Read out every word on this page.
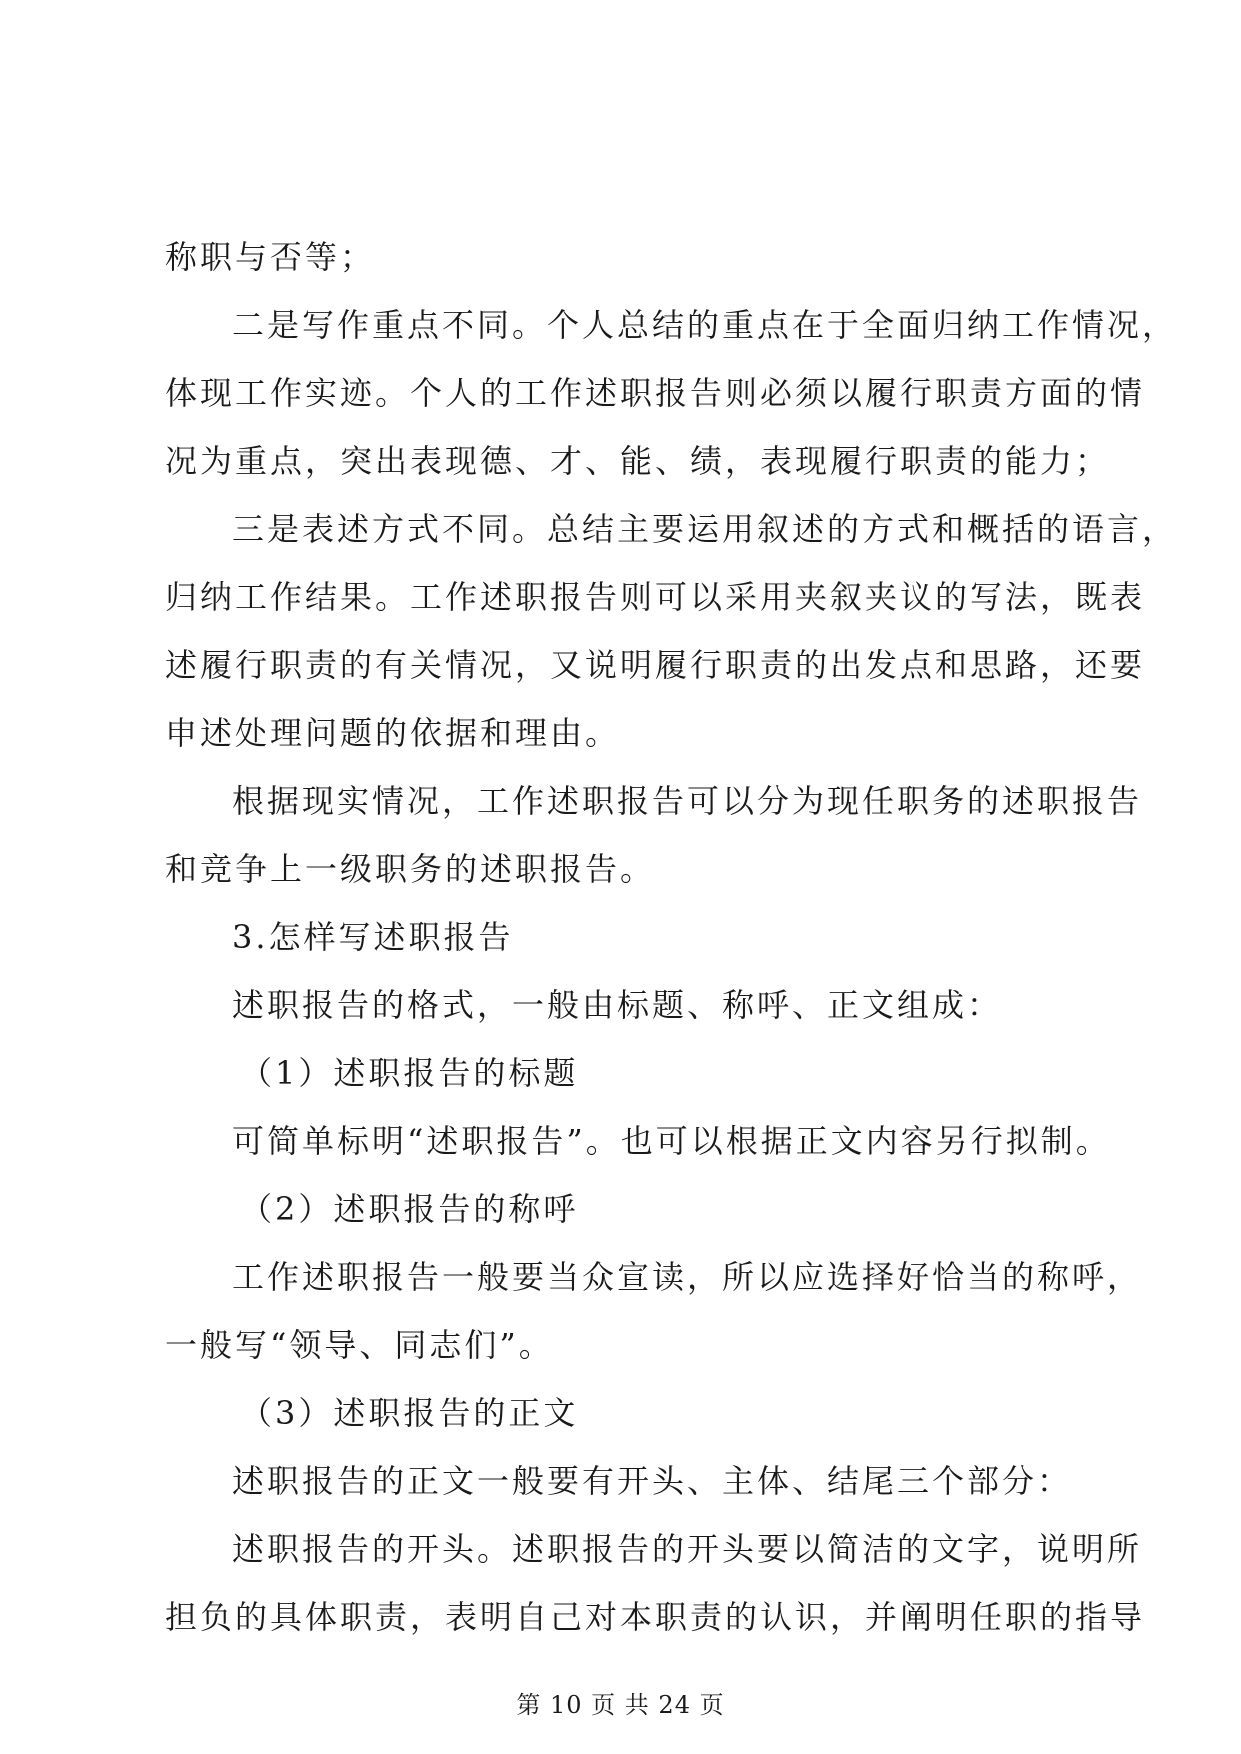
称职与否等；
二是写作重点不同。个人总结的重点在于全面归纳工作情况，
体现工作实迹。个人的工作述职报告则必须以履行职责方面的情
况为重点，突出表现德、才、能、绩，表现履行职责的能力；
三是表述方式不同。总结主要运用叙述的方式和概括的语言，
归纳工作结果。工作述职报告则可以采用夹叙夹议的写法，既表
述履行职责的有关情况，又说明履行职责的出发点和思路，还要
申述处理问题的依据和理由。
根据现实情况，工作述职报告可以分为现任职务的述职报告
和竞争上一级职务的述职报告。
3.怎样写述职报告
述职报告的格式，一般由标题、称呼、正文组成：
（1）述职报告的标题
可简单标明“述职报告”。也可以根据正文内容另行拟制。
（2）述职报告的称呼
工作述职报告一般要当众宣读，所以应选择好恰当的称呼，
一般写“领导、同志们”。
（3）述职报告的正文
述职报告的正文一般要有开头、主体、结尾三个部分：
述职报告的开头。述职报告的开头要以简洁的文字，说明所
第 10 页 共 24 页
担负的具体职责，表明自己对本职责的认识，并阐明任职的指导
